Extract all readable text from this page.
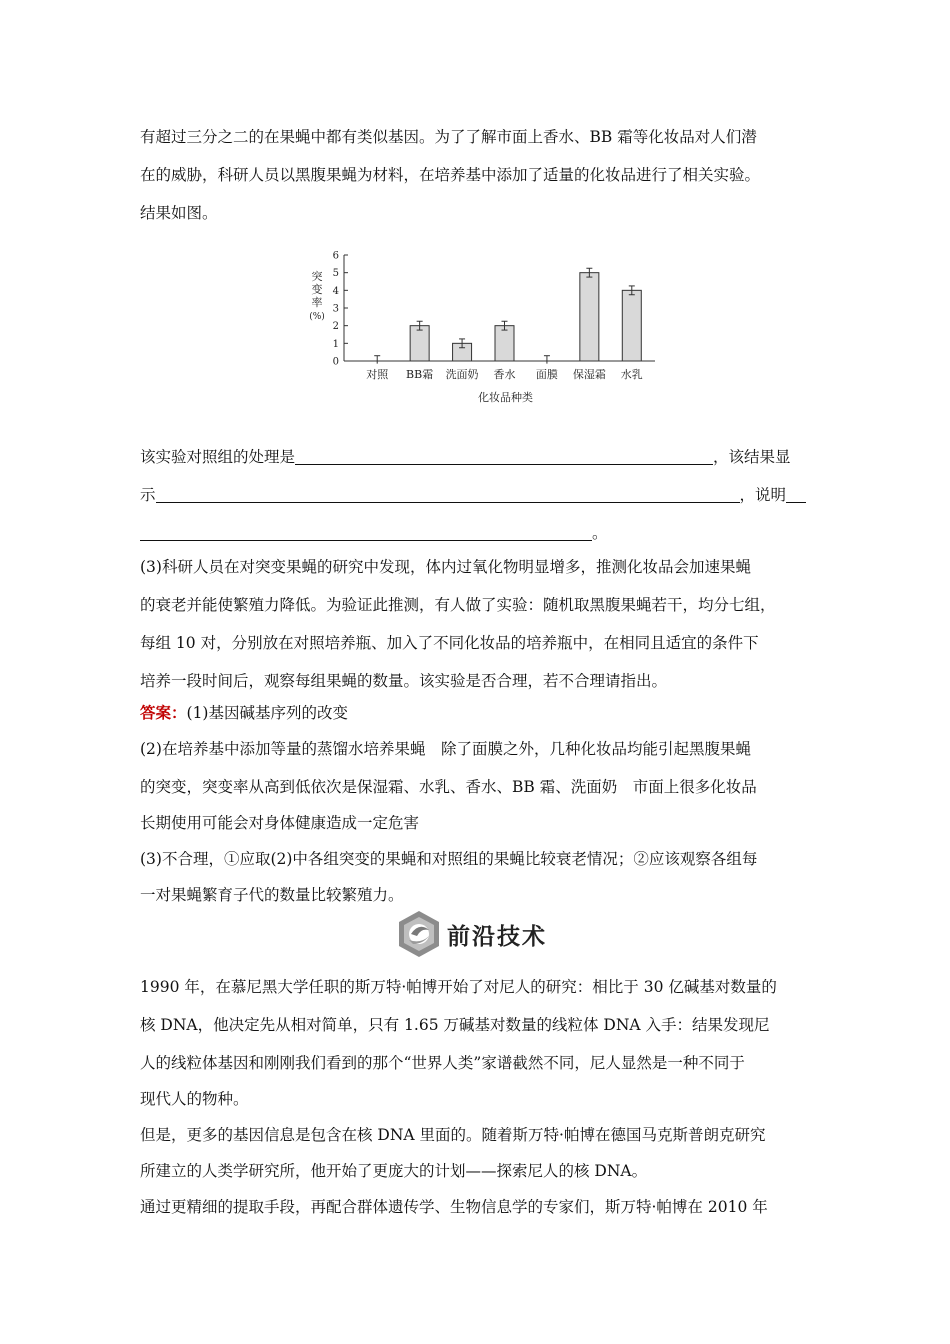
有超过三分之二的在果蝇中都有类似基因。为了了解市面上香水、BB 霜等化妆品对人们潜
在的威胁，科研人员以黑腹果蝇为材料，在培养基中添加了适量的化妆品进行了相关实验。
结果如图。
0
1
2
3
4
5
6
突
变
率
(%)
对照 BB霜 洗面奶 香水 面膜 保湿霜 水乳
化妆品种类
该实验对照组的处理是	，该结果显
示	，说明
。
(3)科研人员在对突变果蝇的研究中发现，体内过氧化物明显增多，推测化妆品会加速果蝇
的衰老并能使繁殖力降低。为验证此推测，有人做了实验：随机取黑腹果蝇若干，均分七组，
每组 10 对，分别放在对照培养瓶、加入了不同化妆品的培养瓶中，在相同且适宜的条件下
培养一段时间后，观察每组果蝇的数量。该实验是否合理，若不合理请指出。
答案：(1)基因碱基序列的改变
(2)在培养基中添加等量的蒸馏水培养果蝇　除了面膜之外，几种化妆品均能引起黑腹果蝇
的突变，突变率从高到低依次是保湿霜、水乳、香水、BB 霜、洗面奶　市面上很多化妆品
长期使用可能会对身体健康造成一定危害
(3)不合理，①应取(2)中各组突变的果蝇和对照组的果蝇比较衰老情况；②应该观察各组每
一对果蝇繁育子代的数量比较繁殖力。
前沿技术
1990 年，在慕尼黑大学任职的斯万特·帕博开始了对尼人的研究：相比于 30 亿碱基对数量的
核 DNA，他决定先从相对简单，只有 1.65 万碱基对数量的线粒体 DNA 入手：结果发现尼
人的线粒体基因和刚刚我们看到的那个“世界人类”家谱截然不同，尼人显然是一种不同于
现代人的物种。
但是，更多的基因信息是包含在核 DNA 里面的。随着斯万特·帕博在德国马克斯普朗克研究
所建立的人类学研究所，他开始了更庞大的计划——探索尼人的核 DNA。
通过更精细的提取手段，再配合群体遗传学、生物信息学的专家们，斯万特·帕博在 2010 年
